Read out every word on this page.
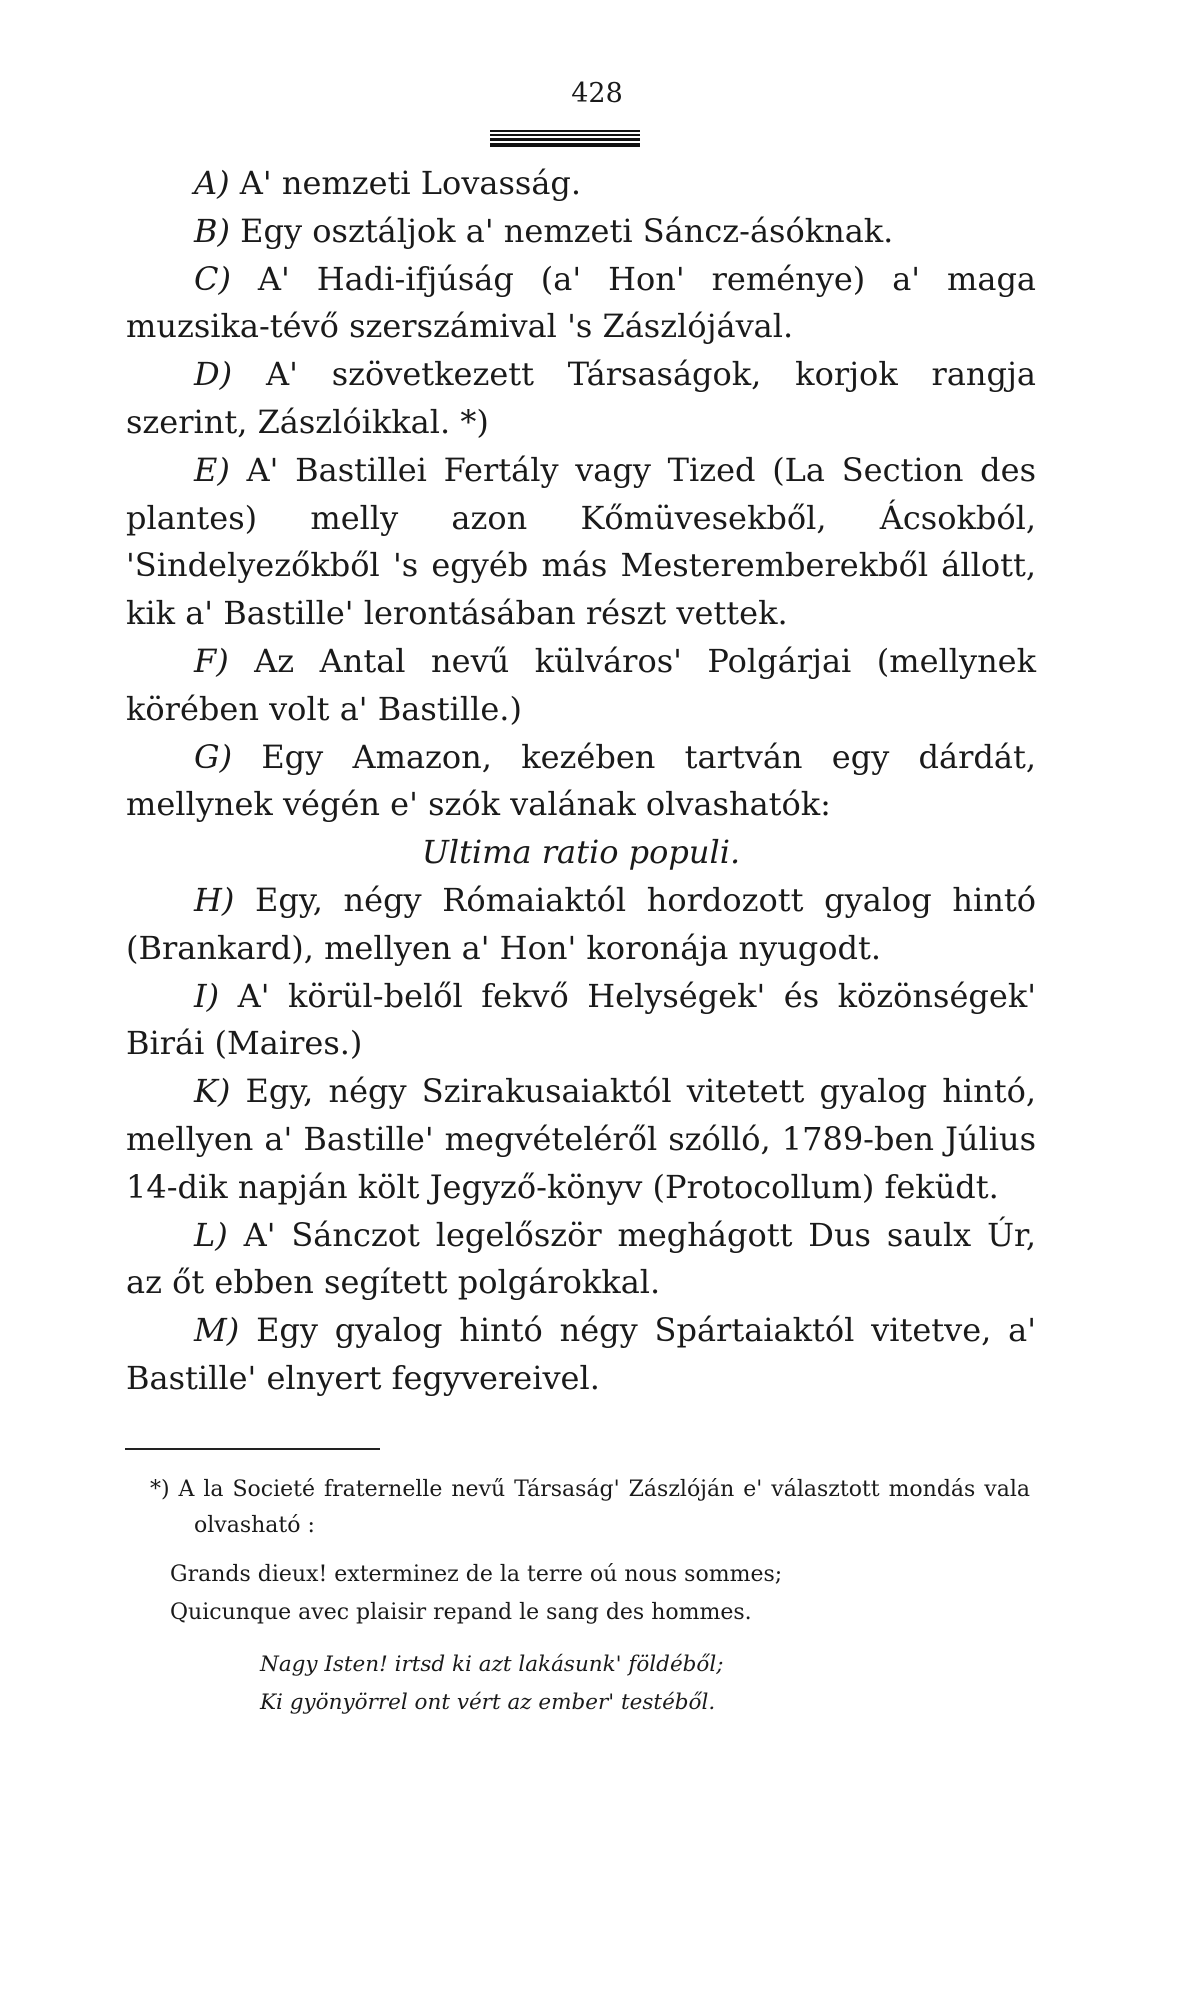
428

A) A' nemzeti Lovasság.

B) Egy osztáljok a' nemzeti Sáncz-ásóknak.

C) A' Hadi-ifjúság (a' Hon' reménye) a' maga muzsika-tévő szerszámival 's Zászlójával.

D) A' szövetkezett Társaságok, korjok rangja szerint, Zászlóikkal. *)

E) A' Bastillei Fertály vagy Tized (La Section des plantes) melly azon Kőmüvesekből, Ácsokból, 'Sindelyezőkből 's egyéb más Mesteremberekből állott, kik a' Bastille' lerontásában részt vettek.

F) Az Antal nevű külváros' Polgárjai (mellynek körében volt a' Bastille.)

G) Egy Amazon, kezében tartván egy dárdát, mellynek végén e' szók valának olvashatók:

Ultima ratio populi.

H) Egy, négy Rómaiaktól hordozott gyalog hintó (Brankard), mellyen a' Hon' koronája nyugodt.

I) A' körül-belől fekvő Helységek' és közönségek' Birái (Maires.)

K) Egy, négy Szirakusaiaktól vitetett gyalog hintó, mellyen a' Bastille' megvételéről szólló, 1789-ben Július 14-dik napján költ Jegyző-könyv (Protocollum) feküdt.

L) A' Sánczot legelőször meghágott Dus saulx Úr, az őt ebben segített polgárokkal.

M) Egy gyalog hintó négy Spártaiaktól vitetve, a' Bastille' elnyert fegyvereivel.

*) A la Societé fraternelle nevű Társaság' Zászlóján e' választott mondás vala olvasható :

Grands dieux! exterminez de la terre oú nous sommes;
Quicunque avec plaisir repand le sang des hommes.
Nagy Isten! irtsd ki azt lakásunk' földéből;
Ki gyönyörrel ont vért az ember' testéből.
